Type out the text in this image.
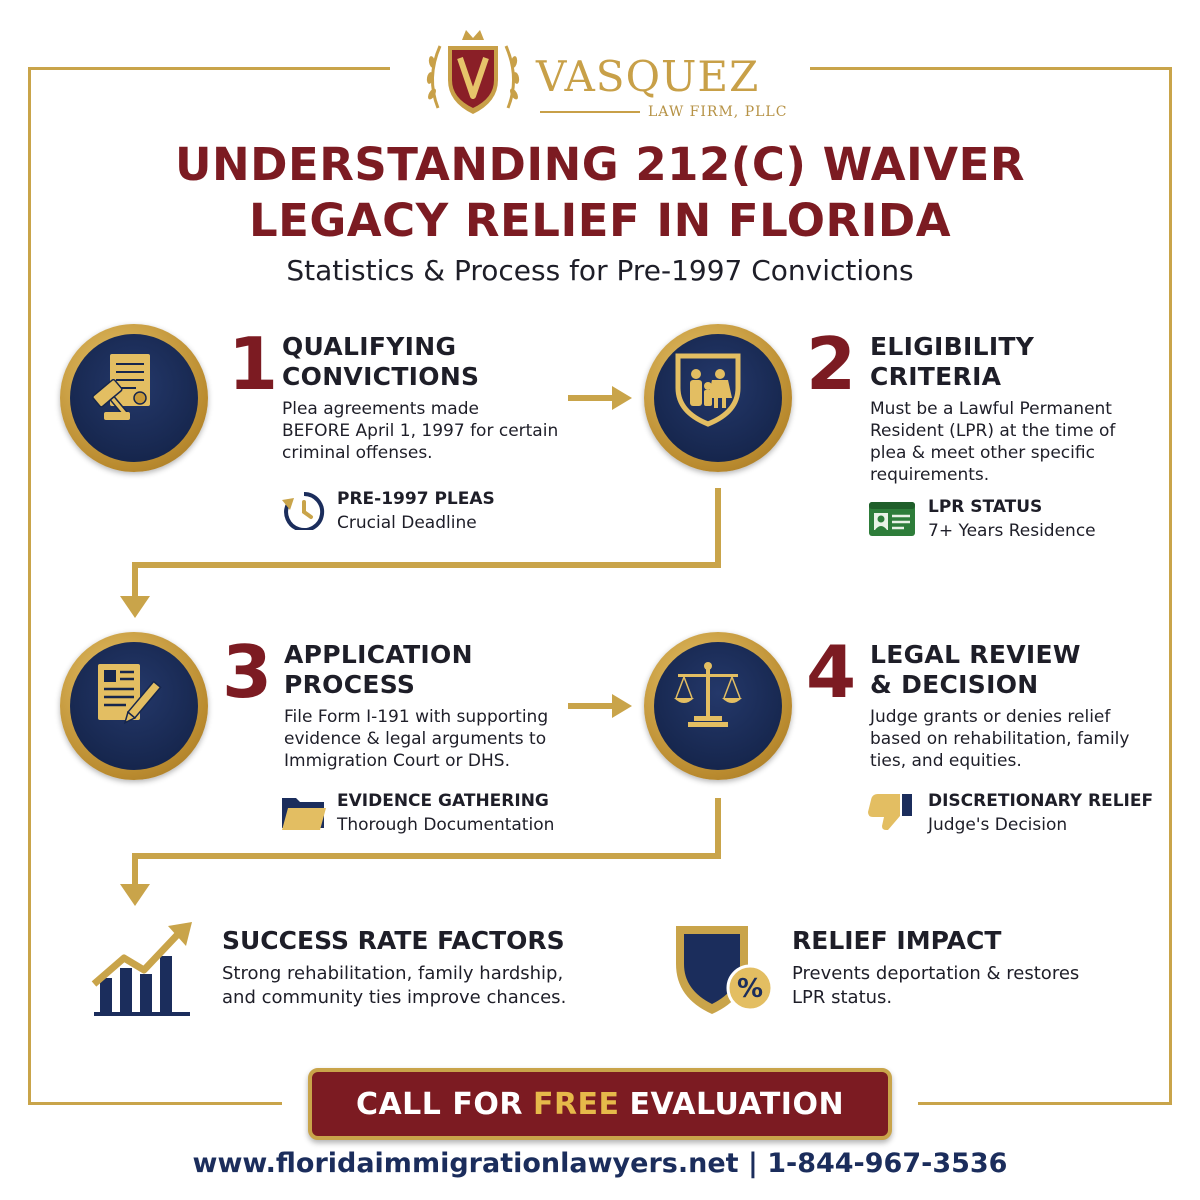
VASQUEZ
LAW FIRM, PLLC
UNDERSTANDING 212(C) WAIVER
LEGACY RELIEF IN FLORIDA
Statistics & Process for Pre-1997 Convictions
1 QUALIFYING
CONVICTIONS
Plea agreements made
BEFORE April 1, 1997 for certain
criminal offenses.
PRE-1997 PLEAS
Crucial Deadline
2 ELIGIBILITY
CRITERIA
Must be a Lawful Permanent
Resident (LPR) at the time of
plea & meet other specific
requirements.
LPR STATUS
7+ Years Residence
3 APPLICATION
PROCESS
File Form I-191 with supporting
evidence & legal arguments to
Immigration Court or DHS.
EVIDENCE GATHERING
Thorough Documentation
4 LEGAL REVIEW
& DECISION
Judge grants or denies relief
based on rehabilitation, family
ties, and equities.
DISCRETIONARY RELIEF
Judge's Decision
SUCCESS RATE FACTORS
Strong rehabilitation, family hardship,
and community ties improve chances.	%
RELIEF IMPACT
Prevents deportation & restores
LPR status.
CALL FOR FREE EVALUATION
www.floridaimmigrationlawyers.net | 1-844-967-3536
